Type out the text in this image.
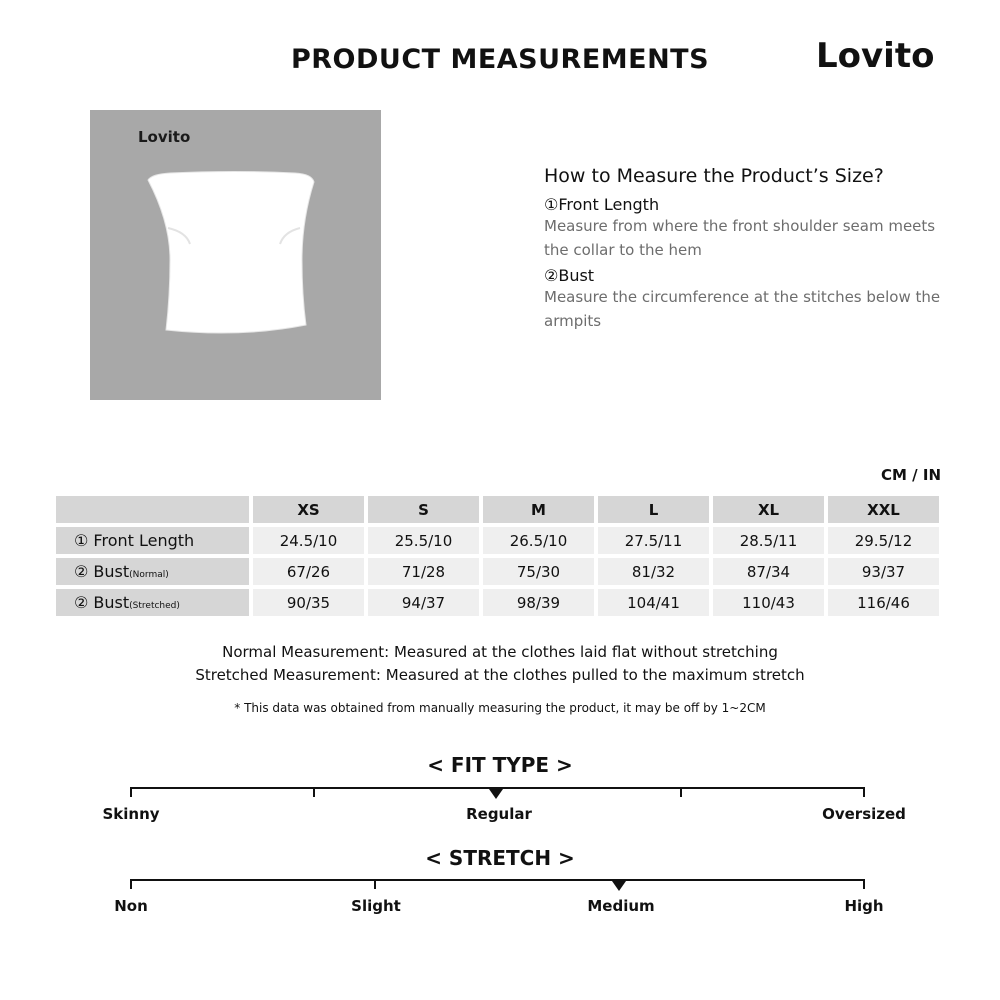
PRODUCT MEASUREMENTS	Lovito
Lovito
How to Measure the Product’s Size?
①Front Length
Measure from where the front shoulder seam meets the collar to the hem
②Bust
Measure the circumference at the stitches below the armpits
CM / IN
	XS	S	M	L	XL	XXL
① Front Length	24.5/10	25.5/10	26.5/10	27.5/11	28.5/11	29.5/12
② Bust(Normal)	67/26	71/28	75/30	81/32	87/34	93/37
② Bust(Stretched)	90/35	94/37	98/39	104/41	110/43	116/46
Normal Measurement: Measured at the clothes laid flat without stretching
Stretched Measurement: Measured at the clothes pulled to the maximum stretch
* This data was obtained from manually measuring the product, it may be off by 1~2CM
< FIT TYPE >
Skinny	Regular	Oversized
< STRETCH >
Non	Slight	Medium	High
